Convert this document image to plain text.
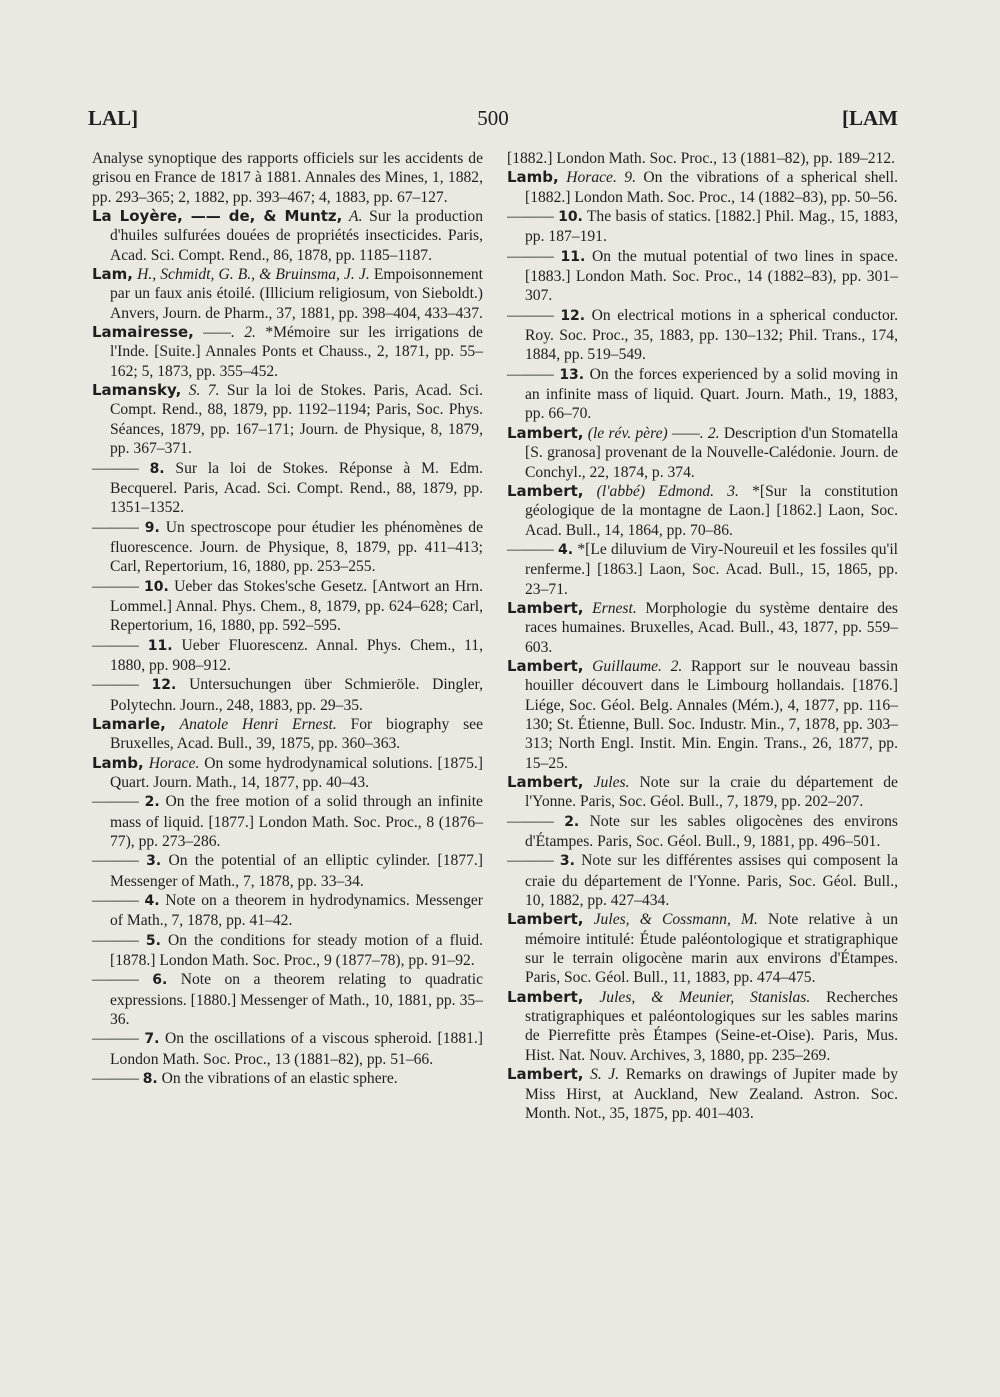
500
LAL]	[LAM

Analyse synoptique des rapports officiels sur les accidents de grisou en France de 1817 à 1881. Annales des Mines, 1, 1882, pp. 293–365; 2, 1882, pp. 393–467; 4, 1883, pp. 67–127.

La Loyère, —— de, & Muntz, A. Sur la production d'huiles sulfurées douées de propriétés insecticides. Paris, Acad. Sci. Compt. Rend., 86, 1878, pp. 1185–1187.

Lam, H., Schmidt, G. B., & Bruinsma, J. J. Empoisonnement par un faux anis étoilé. (Illicium religiosum, von Sieboldt.) Anvers, Journ. de Pharm., 37, 1881, pp. 398–404, 433–437.

Lamairesse, ——. 2. *Mémoire sur les irrigations de l'Inde. [Suite.] Annales Ponts et Chauss., 2, 1871, pp. 55–162; 5, 1873, pp. 355–452.

Lamansky, S. 7. Sur la loi de Stokes. Paris, Acad. Sci. Compt. Rend., 88, 1879, pp. 1192–1194; Paris, Soc. Phys. Séances, 1879, pp. 167–171; Journ. de Physique, 8, 1879, pp. 367–371.

——— 8. Sur la loi de Stokes. Réponse à M. Edm. Becquerel. Paris, Acad. Sci. Compt. Rend., 88, 1879, pp. 1351–1352.

——— 9. Un spectroscope pour étudier les phénomènes de fluorescence. Journ. de Physique, 8, 1879, pp. 411–413; Carl, Repertorium, 16, 1880, pp. 253–255.

——— 10. Ueber das Stokes'sche Gesetz. [Antwort an Hrn. Lommel.] Annal. Phys. Chem., 8, 1879, pp. 624–628; Carl, Repertorium, 16, 1880, pp. 592–595.

——— 11. Ueber Fluorescenz. Annal. Phys. Chem., 11, 1880, pp. 908–912.

——— 12. Untersuchungen über Schmieröle. Dingler, Polytechn. Journ., 248, 1883, pp. 29–35.

Lamarle, Anatole Henri Ernest. For biography see Bruxelles, Acad. Bull., 39, 1875, pp. 360–363.

Lamb, Horace. On some hydrodynamical solutions. [1875.] Quart. Journ. Math., 14, 1877, pp. 40–43.

——— 2. On the free motion of a solid through an infinite mass of liquid. [1877.] London Math. Soc. Proc., 8 (1876–77), pp. 273–286.

——— 3. On the potential of an elliptic cylinder. [1877.] Messenger of Math., 7, 1878, pp. 33–34.

——— 4. Note on a theorem in hydrodynamics. Messenger of Math., 7, 1878, pp. 41–42.

——— 5. On the conditions for steady motion of a fluid. [1878.] London Math. Soc. Proc., 9 (1877–78), pp. 91–92.

——— 6. Note on a theorem relating to quadratic expressions. [1880.] Messenger of Math., 10, 1881, pp. 35–36.

——— 7. On the oscillations of a viscous spheroid. [1881.] London Math. Soc. Proc., 13 (1881–82), pp. 51–66.

——— 8. On the vibrations of an elastic sphere.

[1882.] London Math. Soc. Proc., 13 (1881–82), pp. 189–212.

Lamb, Horace. 9. On the vibrations of a spherical shell. [1882.] London Math. Soc. Proc., 14 (1882–83), pp. 50–56.

——— 10. The basis of statics. [1882.] Phil. Mag., 15, 1883, pp. 187–191.

——— 11. On the mutual potential of two lines in space. [1883.] London Math. Soc. Proc., 14 (1882–83), pp. 301–307.

——— 12. On electrical motions in a spherical conductor. Roy. Soc. Proc., 35, 1883, pp. 130–132; Phil. Trans., 174, 1884, pp. 519–549.

——— 13. On the forces experienced by a solid moving in an infinite mass of liquid. Quart. Journ. Math., 19, 1883, pp. 66–70.

Lambert, (le rév. père) ——. 2. Description d'un Stomatella [S. granosa] provenant de la Nouvelle-Calédonie. Journ. de Conchyl., 22, 1874, p. 374.

Lambert, (l'abbé) Edmond. 3. *[Sur la constitution géologique de la montagne de Laon.] [1862.] Laon, Soc. Acad. Bull., 14, 1864, pp. 70–86.

——— 4. *[Le diluvium de Viry-Noureuil et les fossiles qu'il renferme.] [1863.] Laon, Soc. Acad. Bull., 15, 1865, pp. 23–71.

Lambert, Ernest. Morphologie du système dentaire des races humaines. Bruxelles, Acad. Bull., 43, 1877, pp. 559–603.

Lambert, Guillaume. 2. Rapport sur le nouveau bassin houiller découvert dans le Limbourg hollandais. [1876.] Liége, Soc. Géol. Belg. Annales (Mém.), 4, 1877, pp. 116–130; St. Étienne, Bull. Soc. Industr. Min., 7, 1878, pp. 303–313; North Engl. Instit. Min. Engin. Trans., 26, 1877, pp. 15–25.

Lambert, Jules. Note sur la craie du département de l'Yonne. Paris, Soc. Géol. Bull., 7, 1879, pp. 202–207.

——— 2. Note sur les sables oligocènes des environs d'Étampes. Paris, Soc. Géol. Bull., 9, 1881, pp. 496–501.

——— 3. Note sur les différentes assises qui composent la craie du département de l'Yonne. Paris, Soc. Géol. Bull., 10, 1882, pp. 427–434.

Lambert, Jules, & Cossmann, M. Note relative à un mémoire intitulé: Étude paléontologique et stratigraphique sur le terrain oligocène marin aux environs d'Étampes. Paris, Soc. Géol. Bull., 11, 1883, pp. 474–475.

Lambert, Jules, & Meunier, Stanislas. Recherches stratigraphiques et paléontologiques sur les sables marins de Pierrefitte près Étampes (Seine-et-Oise). Paris, Mus. Hist. Nat. Nouv. Archives, 3, 1880, pp. 235–269.

Lambert, S. J. Remarks on drawings of Jupiter made by Miss Hirst, at Auckland, New Zealand. Astron. Soc. Month. Not., 35, 1875, pp. 401–403.
